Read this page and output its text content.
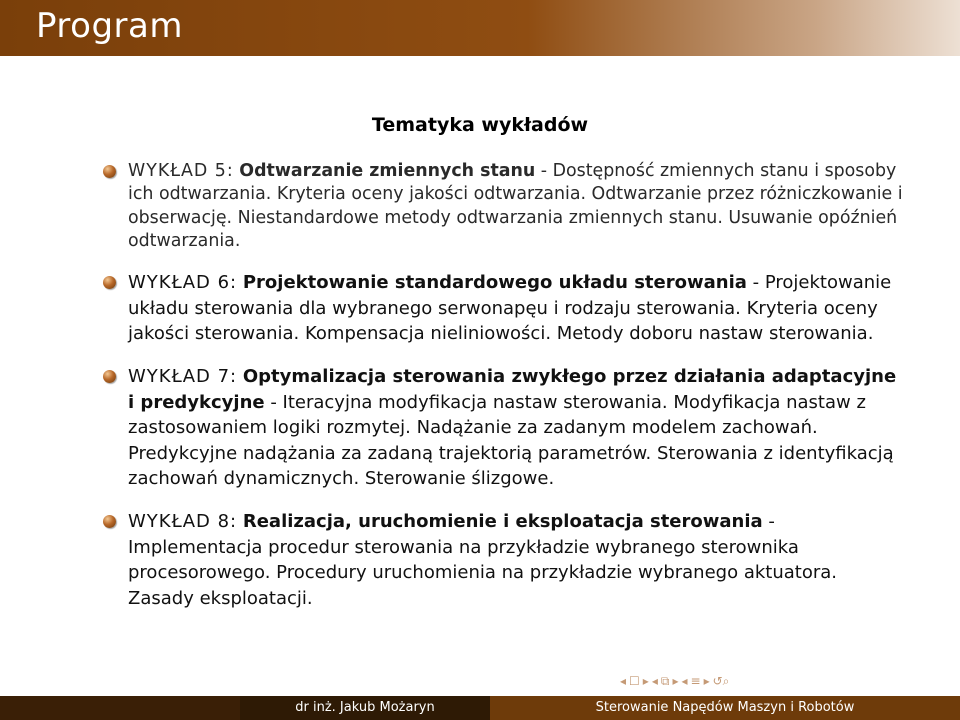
Program
Tematyka wykładów
WYKŁAD 5: Odtwarzanie zmiennych stanu - Dostępność zmiennych stanu i sposoby ich odtwarzania. Kryteria oceny jakości odtwarzania. Odtwarzanie przez różniczkowanie i obserwację. Niestandardowe metody odtwarzania zmiennych stanu. Usuwanie opóźnień odtwarzania.
WYKŁAD 6: Projektowanie standardowego układu sterowania - Projektowanie układu sterowania dla wybranego serwonapęu i rodzaju sterowania. Kryteria oceny jakości sterowania. Kompensacja nieliniowości. Metody doboru nastaw sterowania.
WYKŁAD 7: Optymalizacja sterowania zwykłego przez działania adaptacyjne i predykcyjne - Iteracyjna modyfikacja nastaw sterowania. Modyfikacja nastaw z zastosowaniem logiki rozmytej. Nadążanie za zadanym modelem zachowań. Predykcyjne nadążania za zadaną trajektorią parametrów. Sterowania z identyfikacją zachowań dynamicznych. Sterowanie ślizgowe.
WYKŁAD 8: Realizacja, uruchomienie i eksploatacja sterowania - Implementacja procedur sterowania na przykładzie wybranego sterownika procesorowego. Procedury uruchomienia na przykładzie wybranego aktuatora. Zasady eksploatacji.
◂ ☐ ▸ ◂ ⧉ ▸ ◂ ≡ ▸ ↺⌕
dr inż. Jakub Możaryn	Sterowanie Napędów Maszyn i Robotów
